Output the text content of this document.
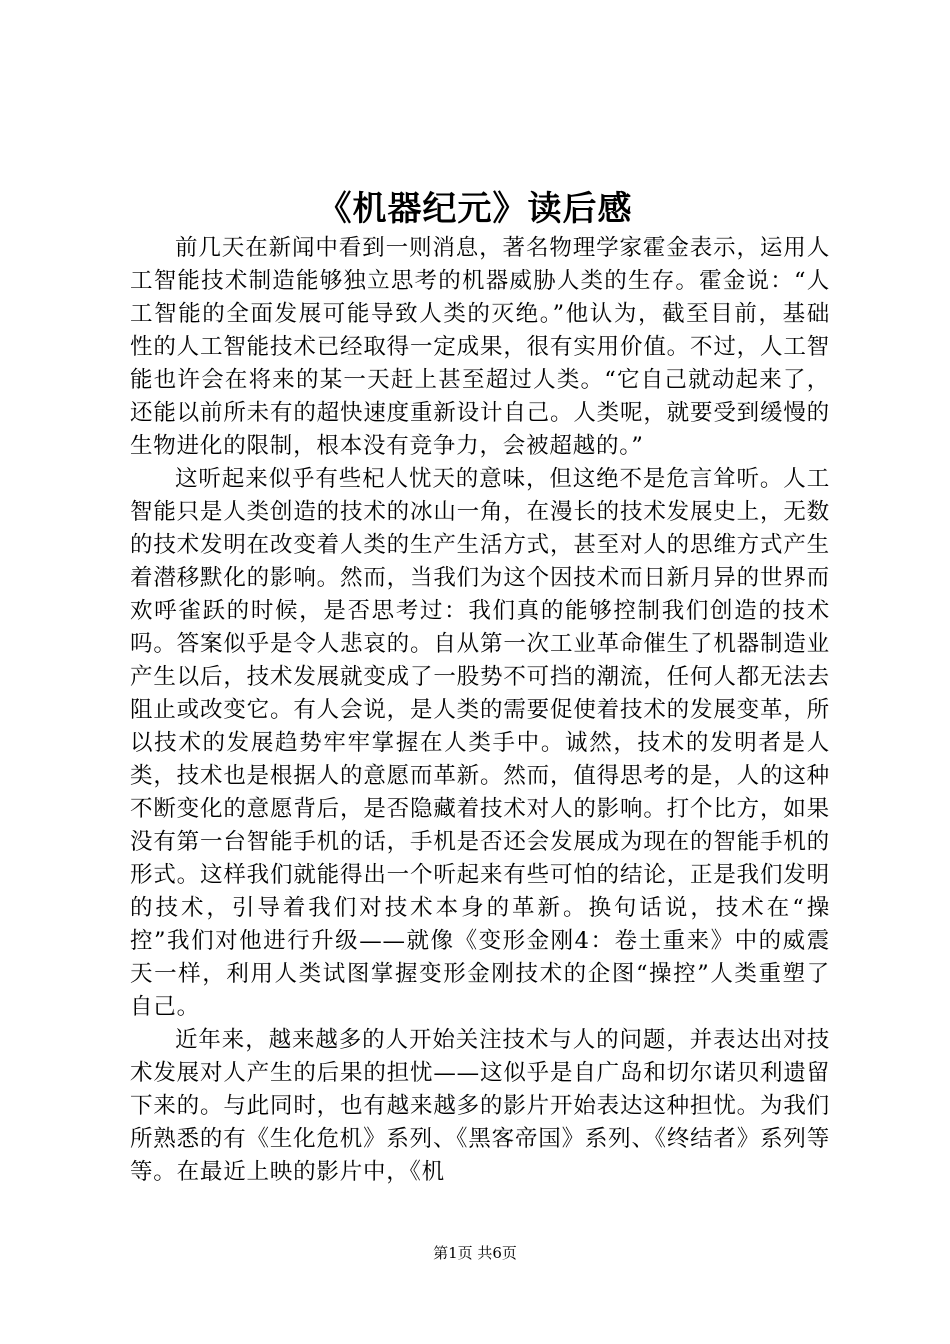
《机器纪元》读后感

前几天在新闻中看到一则消息，著名物理学家霍金表示，运用人工智能技术制造能够独立思考的机器威胁人类的生存。霍金说：“人工智能的全面发展可能导致人类的灭绝。”他认为，截至目前，基础性的人工智能技术已经取得一定成果，很有实用价值。不过，人工智能也许会在将来的某一天赶上甚至超过人类。“它自己就动起来了，还能以前所未有的超快速度重新设计自己。人类呢，就要受到缓慢的生物进化的限制，根本没有竞争力，会被超越的。”

这听起来似乎有些杞人忧天的意味，但这绝不是危言耸听。人工智能只是人类创造的技术的冰山一角，在漫长的技术发展史上，无数的技术发明在改变着人类的生产生活方式，甚至对人的思维方式产生着潜移默化的影响。然而，当我们为这个因技术而日新月异的世界而欢呼雀跃的时候，是否思考过：我们真的能够控制我们创造的技术吗。答案似乎是令人悲哀的。自从第一次工业革命催生了机器制造业产生以后，技术发展就变成了一股势不可挡的潮流，任何人都无法去阻止或改变它。有人会说，是人类的需要促使着技术的发展变革，所以技术的发展趋势牢牢掌握在人类手中。诚然，技术的发明者是人类，技术也是根据人的意愿而革新。然而，值得思考的是，人的这种不断变化的意愿背后，是否隐藏着技术对人的影响。打个比方，如果没有第一台智能手机的话，手机是否还会发展成为现在的智能手机的形式。这样我们就能得出一个听起来有些可怕的结论，正是我们发明的技术，引导着我们对技术本身的革新。换句话说，技术在“操控”我们对他进行升级——就像《变形金刚4：卷土重来》中的威震天一样，利用人类试图掌握变形金刚技术的企图“操控”人类重塑了自己。

近年来，越来越多的人开始关注技术与人的问题，并表达出对技术发展对人产生的后果的担忧——这似乎是自广岛和切尔诺贝利遗留下来的。与此同时，也有越来越多的影片开始表达这种担忧。为我们所熟悉的有《生化危机》系列、《黑客帝国》系列、《终结者》系列等等。在最近上映的影片中，《机

第1页 共6页
